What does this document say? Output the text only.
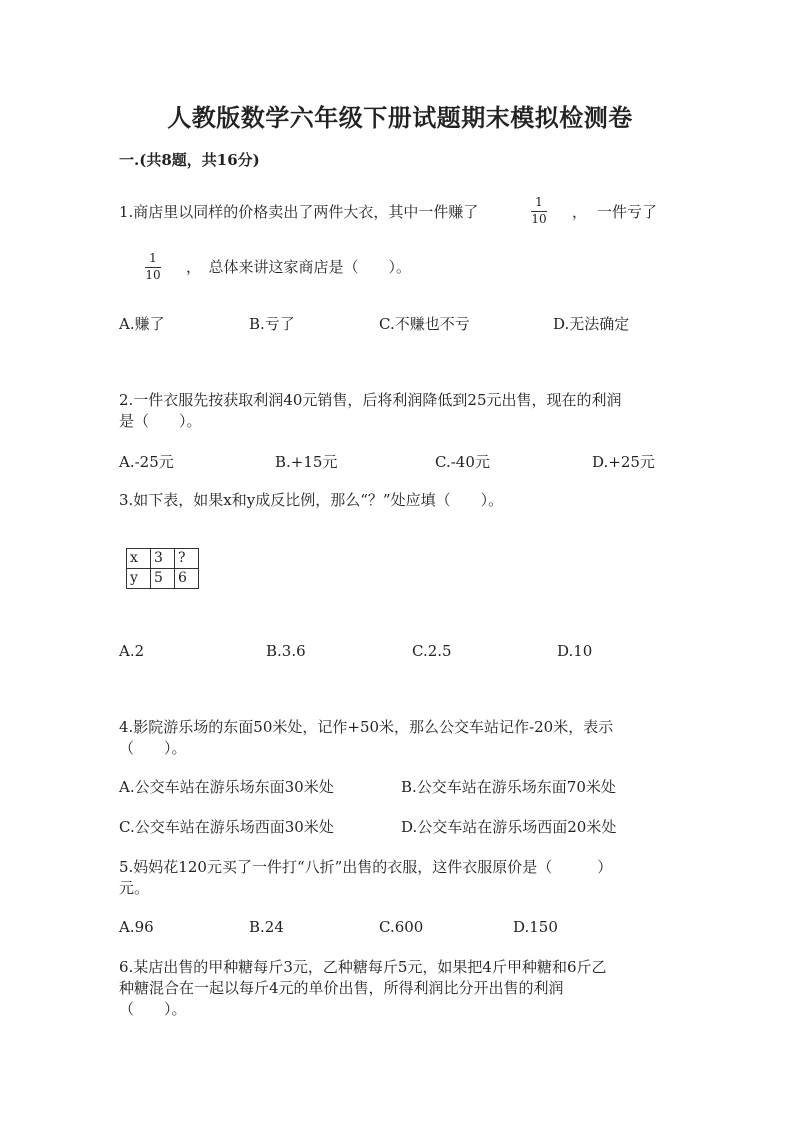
人教版数学六年级下册试题期末模拟检测卷
一.(共8题，共16分)
1.商店里以同样的价格卖出了两件大衣，其中一件赚了
1
10 ， 一件亏了
1
10 ，　总体来讲这家商店是（　　）。
A.赚了	B.亏了	C.不赚也不亏	D.无法确定
2.一件衣服先按获取利润40元销售，后将利润降低到25元出售，现在的利润
是（　　）。
A.-25元	B.+15元	C.-40元	D.+25元
3.如下表，如果x和y成反比例，那么“？”处应填（　　）。
x	3	?
y	5	6
A.2	B.3.6	C.2.5	D.10
4.影院游乐场的东面50米处，记作+50米，那么公交车站记作-20米，表示
（　　）。
A.公交车站在游乐场东面30米处	B.公交车站在游乐场东面70米处
C.公交车站在游乐场西面30米处	D.公交车站在游乐场西面20米处
5.妈妈花120元买了一件打“八折”出售的衣服，这件衣服原价是（　　　）
元。
A.96	B.24	C.600	D.150
6.某店出售的甲种糖每斤3元，乙种糖每斤5元，如果把4斤甲种糖和6斤乙
种糖混合在一起以每斤4元的单价出售，所得利润比分开出售的利润
（　　）。
